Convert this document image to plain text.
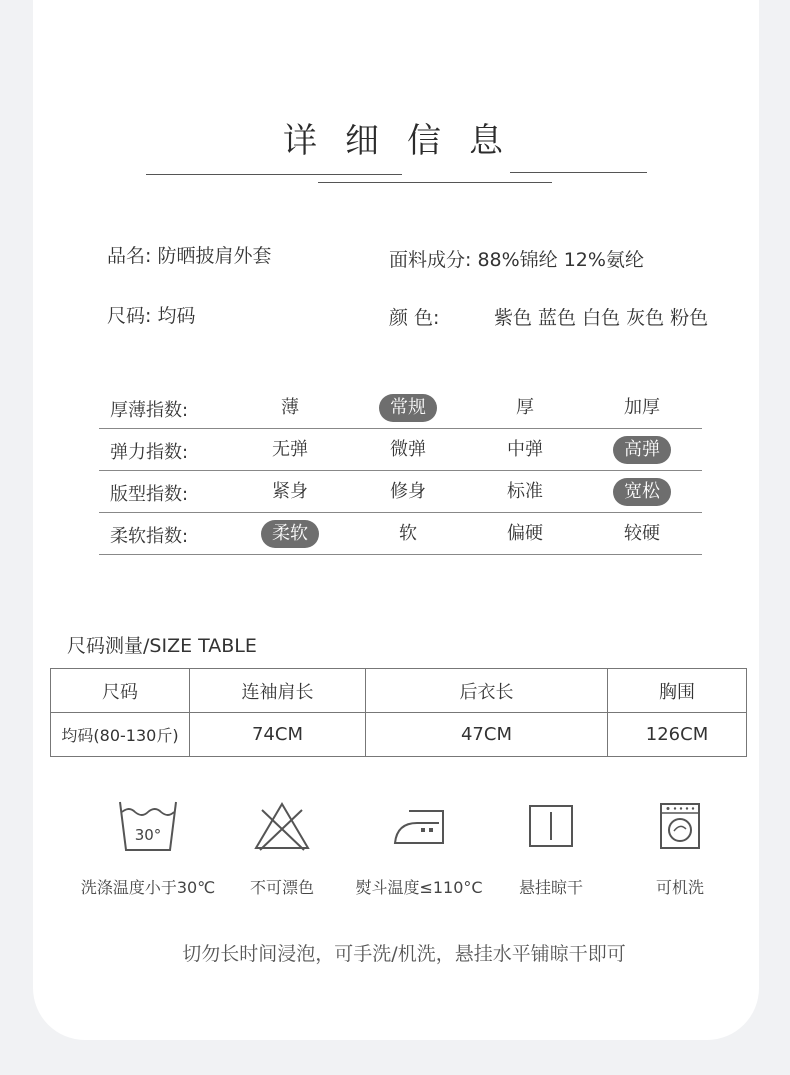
详细信息
品名: 防晒披肩外套	面料成分: 88%锦纶 12%氨纶
尺码: 均码	颜 色:	紫色 蓝色 白色 灰色 粉色
厚薄指数:	薄	常规	厚	加厚
弹力指数:	无弹	微弹	中弹	高弹
版型指数:	紧身	修身	标准	宽松
柔软指数:	柔软	软	偏硬	较硬
尺码测量/SIZE TABLE
尺码	连袖肩长	后衣长	胸围
均码(80-130斤)	74CM	47CM	126CM
30°
洗涤温度小于30℃	不可漂色	熨斗温度≤110°C	悬挂晾干	可机洗
切勿长时间浸泡，可手洗/机洗，悬挂水平铺晾干即可
